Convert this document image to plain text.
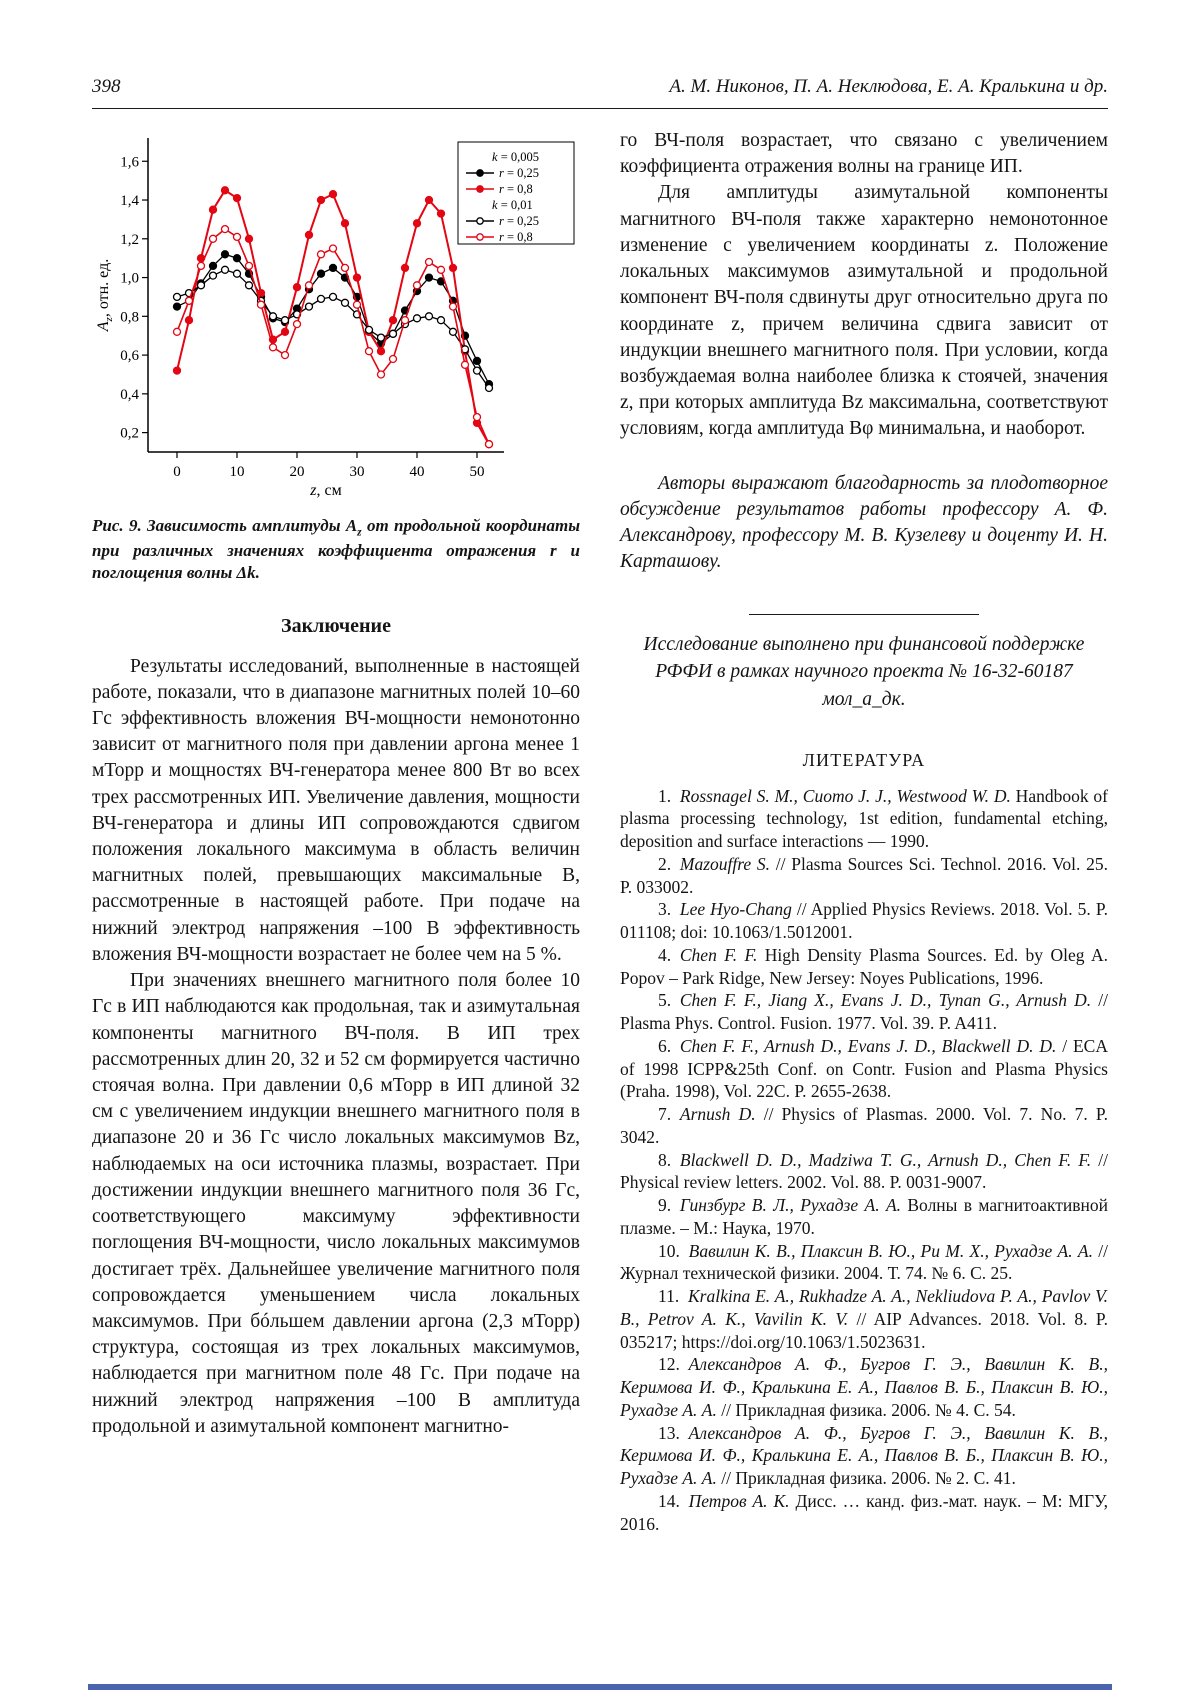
398	А. М. Никонов, П. А. Неклюдова, Е. А. Кралькина и др.
0,2
0,4
0,6
0,8
1,0
1,2
1,4
1,6
0	10	20	30	40	50
$A_z$, отн. ед.
z, см
k = 0,005
r = 0,25
r = 0,8
k = 0,01
r = 0,25
r = 0,8
Рис. 9. Зависимость амплитуды $A_z$ от продольной координаты при различных значениях коэффициента отражения r и поглощения волны Δk.
Заключение

Результаты исследований, выполненные в настоящей работе, показали, что в диапазоне магнитных полей 10–60 Гс эффективность вложения ВЧ-мощности немонотонно зависит от магнитного поля при давлении аргона менее 1 мТорр и мощностях ВЧ-генератора менее 800 Вт во всех трех рассмотренных ИП. Увеличение давления, мощности ВЧ-генератора и длины ИП сопровождаются сдвигом положения локального максимума в область величин магнитных полей, превышающих максимальные B, рассмотренные в настоящей работе. При подаче на нижний электрод напряжения –100 В эффективность вложения ВЧ-мощности возрастает не более чем на 5 %.

При значениях внешнего магнитного поля более 10 Гс в ИП наблюдаются как продольная, так и азимутальная компоненты магнитного ВЧ-поля. В ИП трех рассмотренных длин 20, 32 и 52 см формируется частично стоячая волна. При давлении 0,6 мТорр в ИП длиной 32 см с увеличением индукции внешнего магнитного поля в диапазоне 20 и 36 Гс число локальных максимумов Bz, наблюдаемых на оси источника плазмы, возрастает. При достижении индукции внешнего магнитного поля 36 Гс, соответствующего максимуму эффективности поглощения ВЧ-мощности, число локальных максимумов достигает трёх. Дальнейшее увеличение магнитного поля сопровождается уменьшением числа локальных максимумов. При бóльшем давлении аргона (2,3 мТорр) структура, состоящая из трех локальных максимумов, наблюдается при магнитном поле 48 Гс. При подаче на нижний электрод напряжения –100 В амплитуда продольной и азимутальной компонент магнитно-

го ВЧ-поля возрастает, что связано с увеличением коэффициента отражения волны на границе ИП.

Для амплитуды азимутальной компоненты магнитного ВЧ-поля также характерно немонотонное изменение с увеличением координаты z. Положение локальных максимумов азимутальной и продольной компонент ВЧ-поля сдвинуты друг относительно друга по координате z, причем величина сдвига зависит от индукции внешнего магнитного поля. При условии, когда возбуждаемая волна наиболее близка к стоячей, значения z, при которых амплитуда Bz максимальна, соответствуют условиям, когда амплитуда Bφ минимальна, и наоборот.

Авторы выражают благодарность за плодотворное обсуждение результатов работы профессору А. Ф. Александрову, профессору М. В. Кузелеву и доценту И. Н. Карташову.

Исследование выполнено при финансовой поддержке РФФИ в рамках научного проекта № 16-32-60187 мол_а_дк.

ЛИТЕРАТУРА

1. Rossnagel S. M., Cuomo J. J., Westwood W. D. Handbook of plasma processing technology, 1st edition, fundamental etching, deposition and surface interactions — 1990.

2. Mazouffre S. // Plasma Sources Sci. Technol. 2016. Vol. 25. P. 033002.

3. Lee Hyo-Chang // Applied Physics Reviews. 2018. Vol. 5. P. 011108; doi: 10.1063/1.5012001.

4. Chen F. F. High Density Plasma Sources. Ed. by Oleg A. Popov – Park Ridge, New Jersey: Noyes Publications, 1996.

5. Chen F. F., Jiang X., Evans J. D., Tynan G., Arnush D. // Plasma Phys. Control. Fusion. 1977. Vol. 39. P. A411.

6. Chen F. F., Arnush D., Evans J. D., Blackwell D. D. / ECA of 1998 ICPP&25th Conf. on Contr. Fusion and Plasma Physics (Praha. 1998), Vol. 22C. P. 2655-2638.

7. Arnush D. // Physics of Plasmas. 2000. Vol. 7. No. 7. P. 3042.

8. Blackwell D. D., Madziwa T. G., Arnush D., Chen F. F. // Physical review letters. 2002. Vol. 88. P. 0031-9007.

9. Гинзбург В. Л., Рухадзе А. А. Волны в магнитоактивной плазме. – М.: Наука, 1970.

10. Вавилин К. В., Плаксин В. Ю., Ри М. Х., Рухадзе А. А. // Журнал технической физики. 2004. Т. 74. № 6. С. 25.

11. Kralkina E. A., Rukhadze A. A., Nekliudova P. A., Pavlov V. B., Petrov A. K., Vavilin K. V. // AIP Advances. 2018. Vol. 8. P. 035217; https://doi.org/10.1063/1.5023631.

12. Александров А. Ф., Бугров Г. Э., Вавилин К. В., Керимова И. Ф., Кралькина Е. А., Павлов В. Б., Плаксин В. Ю., Рухадзе А. А. // Прикладная физика. 2006. № 4. С. 54.

13. Александров А. Ф., Бугров Г. Э., Вавилин К. В., Керимова И. Ф., Кралькина Е. А., Павлов В. Б., Плаксин В. Ю., Рухадзе А. А. // Прикладная физика. 2006. № 2. С. 41.

14. Петров А. К. Дисс. … канд. физ.-мат. наук. – М: МГУ, 2016.
